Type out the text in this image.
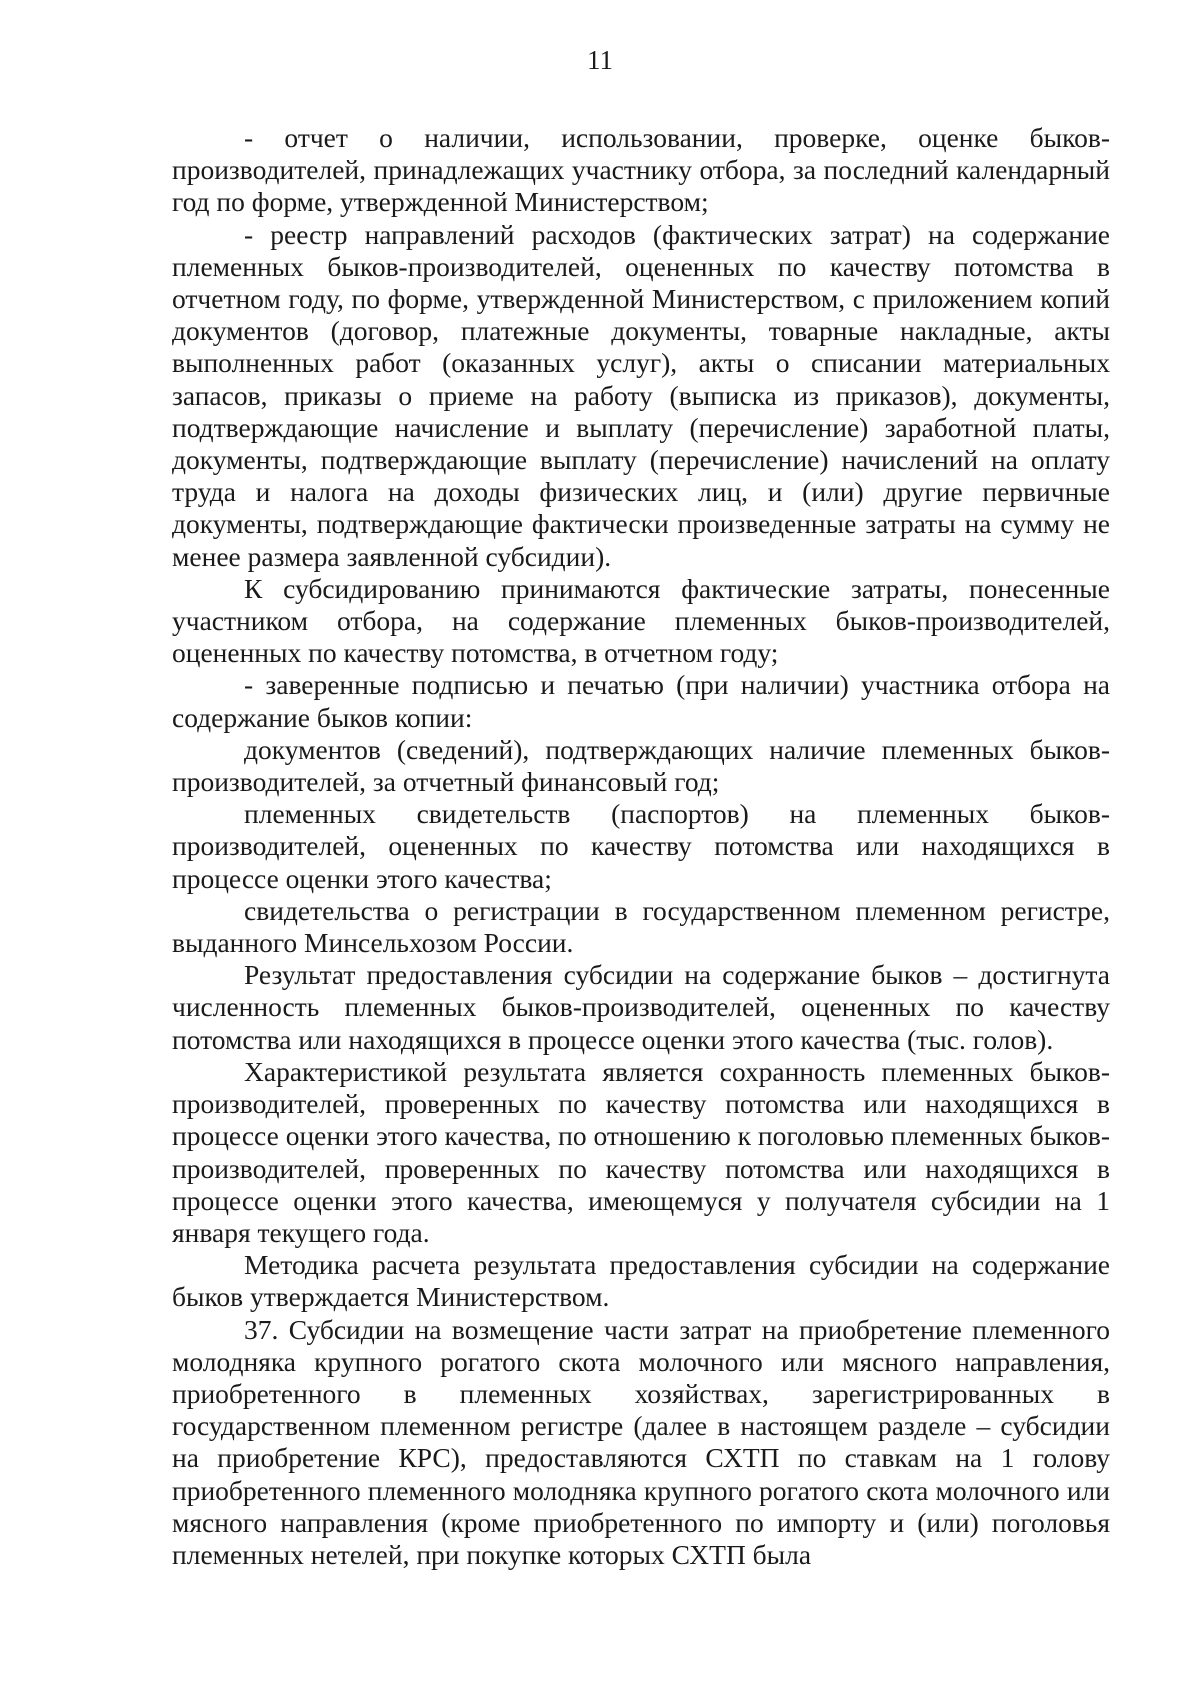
11

- отчет о наличии, использовании, проверке, оценке быков-производителей, принадлежащих участнику отбора, за последний календарный год по форме, утвержденной Министерством;

- реестр направлений расходов (фактических затрат) на содержание племенных быков-производителей, оцененных по качеству потомства в отчетном году, по форме, утвержденной Министерством, с приложением копий документов (договор, платежные документы, товарные накладные, акты выполненных работ (оказанных услуг), акты о списании материальных запасов, приказы о приеме на работу (выписка из приказов), документы, подтверждающие начисление и выплату (перечисление) заработной платы, документы, подтверждающие выплату (перечисление) начислений на оплату труда и налога на доходы физических лиц, и (или) другие первичные документы, подтверждающие фактически произведенные затраты на сумму не менее размера заявленной субсидии).

К субсидированию принимаются фактические затраты, понесенные участником отбора, на содержание племенных быков-производителей, оцененных по качеству потомства, в отчетном году;

- заверенные подписью и печатью (при наличии) участника отбора на содержание быков копии:

документов (сведений), подтверждающих наличие племенных быков-производителей, за отчетный финансовый год;

племенных свидетельств (паспортов) на племенных быков-производителей, оцененных по качеству потомства или находящихся в процессе оценки этого качества;

свидетельства о регистрации в государственном племенном регистре, выданного Минсельхозом России.

Результат предоставления субсидии на содержание быков – достигнута численность племенных быков-производителей, оцененных по качеству потомства или находящихся в процессе оценки этого качества (тыс. голов).

Характеристикой результата является сохранность племенных быков-производителей, проверенных по качеству потомства или находящихся в процессе оценки этого качества, по отношению к поголовью племенных быков-производителей, проверенных по качеству потомства или находящихся в процессе оценки этого качества, имеющемуся у получателя субсидии на 1 января текущего года.

Методика расчета результата предоставления субсидии на содержание быков утверждается Министерством.

37. Субсидии на возмещение части затрат на приобретение племенного молодняка крупного рогатого скота молочного или мясного направления, приобретенного в племенных хозяйствах, зарегистрированных в государственном племенном регистре (далее в настоящем разделе – субсидии на приобретение КРС), предоставляются СХТП по ставкам на 1 голову приобретенного племенного молодняка крупного рогатого скота молочного или мясного направления (кроме приобретенного по импорту и (или) поголовья племенных нетелей, при покупке которых СХТП была
